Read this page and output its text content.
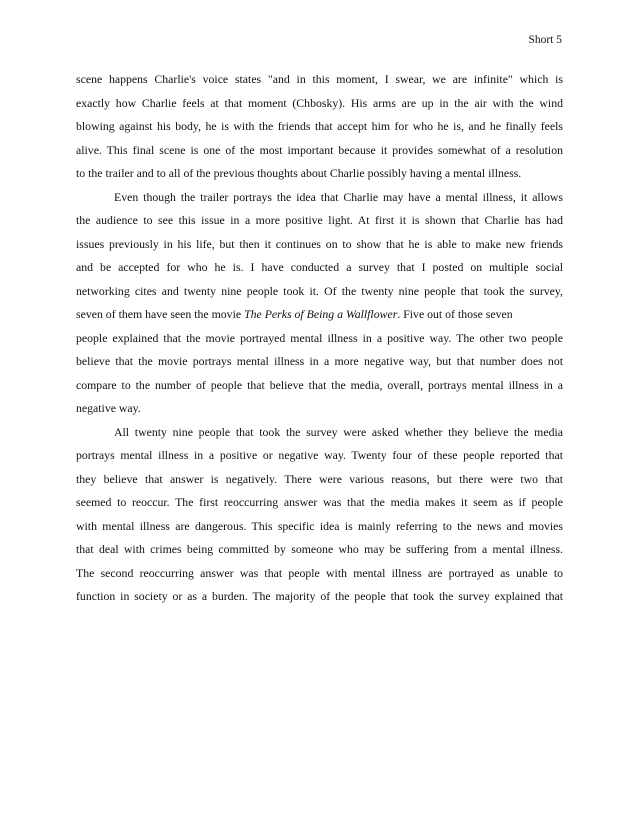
Short 5
scene happens Charlie's voice states "and in this moment, I swear, we are infinite" which is
exactly how Charlie feels at that moment (Chbosky). His arms are up in the air with the wind
blowing against his body, he is with the friends that accept him for who he is, and he finally feels
alive. This final scene is one of the most important because it provides somewhat of a resolution
to the trailer and to all of the previous thoughts about Charlie possibly having a mental illness.
Even though the trailer portrays the idea that Charlie may have a mental illness, it allows
the audience to see this issue in a more positive light. At first it is shown that Charlie has had
issues previously in his life, but then it continues on to show that he is able to make new friends
and be accepted for who he is. I have conducted a survey that I posted on multiple social
networking cites and twenty nine people took it. Of the twenty nine people that took the survey,
seven of them have seen the movie The Perks of Being a Wallflower. Five out of those seven
people explained that the movie portrayed mental illness in a positive way. The other two people
believe that the movie portrays mental illness in a more negative way, but that number does not
compare to the number of people that believe that the media, overall, portrays mental illness in a
negative way.
All twenty nine people that took the survey were asked whether they believe the media
portrays mental illness in a positive or negative way. Twenty four of these people reported that
they believe that answer is negatively. There were various reasons, but there were two that
seemed to reoccur. The first reoccurring answer was that the media makes it seem as if people
with mental illness are dangerous. This specific idea is mainly referring to the news and movies
that deal with crimes being committed by someone who may be suffering from a mental illness.
The second reoccurring answer was that people with mental illness are portrayed as unable to
function in society or as a burden. The majority of the people that took the survey explained that
